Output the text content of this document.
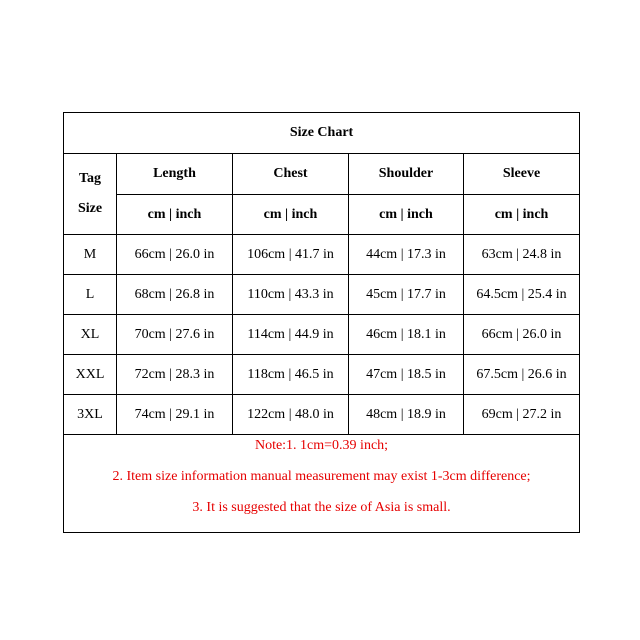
Size Chart				

Tag
Size	Length	Chest	Shoulder	Sleeve
	cm | inch	cm | inch	cm | inch	cm | inch
M	66cm | 26.0 in	106cm | 41.7 in	44cm | 17.3 in	63cm | 24.8 in
L	68cm | 26.8 in	110cm | 43.3 in	45cm | 17.7 in	64.5cm | 25.4 in
XL	70cm | 27.6 in	114cm | 44.9 in	46cm | 18.1 in	66cm | 26.0 in
XXL	72cm | 28.3 in	118cm | 46.5 in	47cm | 18.5 in	67.5cm | 26.6 in
3XL	74cm | 29.1 in	122cm | 48.0 in	48cm | 18.9 in	69cm | 27.2 in

Note:1. 1cm=0.39 inch;
2. Item size information manual measurement may exist 1-3cm difference;
3. It is suggested that the size of Asia is small.				
